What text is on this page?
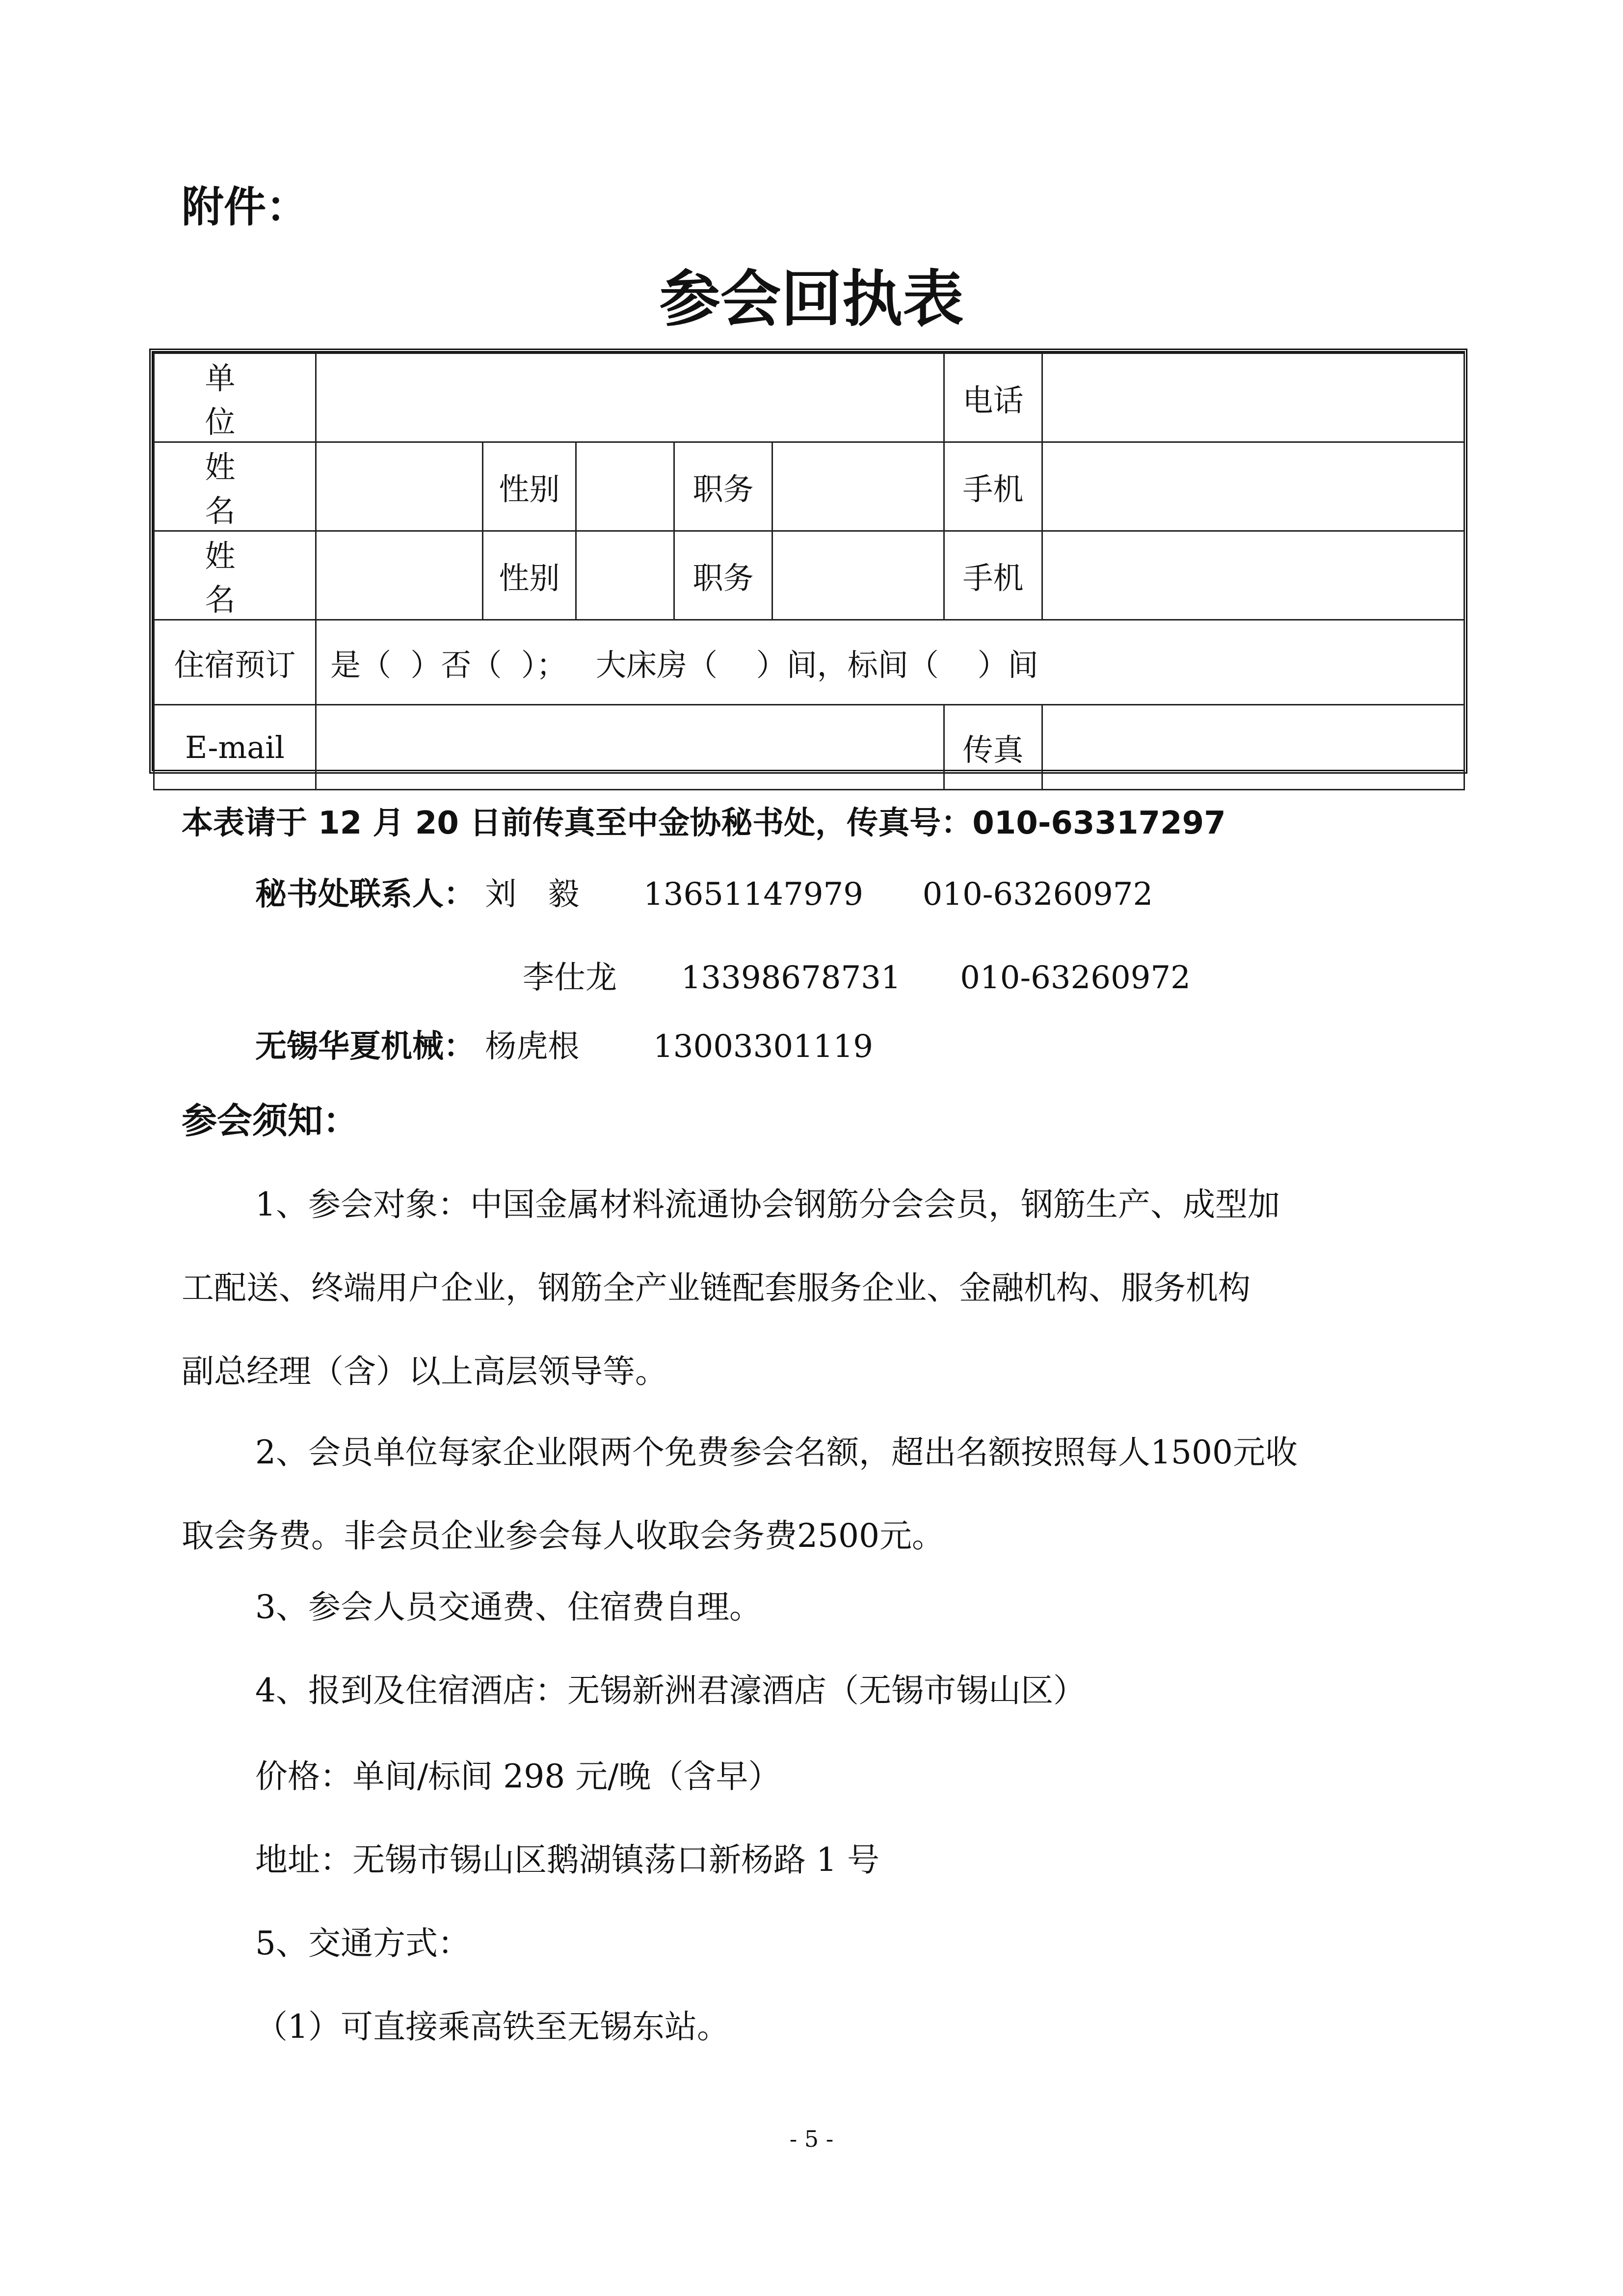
附件：
参会回执表
单 位						电话	
姓 名		性别		职务		手机	
姓 名		性别		职务		手机	
住宿预订	是（  ）否（  ）；   大床房（    ）间，标间（    ）间						
E-mail						传真	
本表请于 12 月 20 日前传真至中金协秘书处，传真号：010-63317297
秘书处联系人： 刘　毅 13651147979 010-63260972
李仕龙 13398678731 010-63260972
无锡华夏机械： 杨虎根 13003301119
参会须知：
1、参会对象：中国金属材料流通协会钢筋分会会员，钢筋生产、成型加
工配送、终端用户企业，钢筋全产业链配套服务企业、金融机构、服务机构
副总经理（含）以上高层领导等。
2、会员单位每家企业限两个免费参会名额，超出名额按照每人1500元收
取会务费。非会员企业参会每人收取会务费2500元。
3、参会人员交通费、住宿费自理。
4、报到及住宿酒店：无锡新洲君濠酒店（无锡市锡山区）
价格：单间/标间 298 元/晚（含早）
地址：无锡市锡山区鹅湖镇荡口新杨路 1 号
5、交通方式：
（1）可直接乘高铁至无锡东站。
- 5 -
